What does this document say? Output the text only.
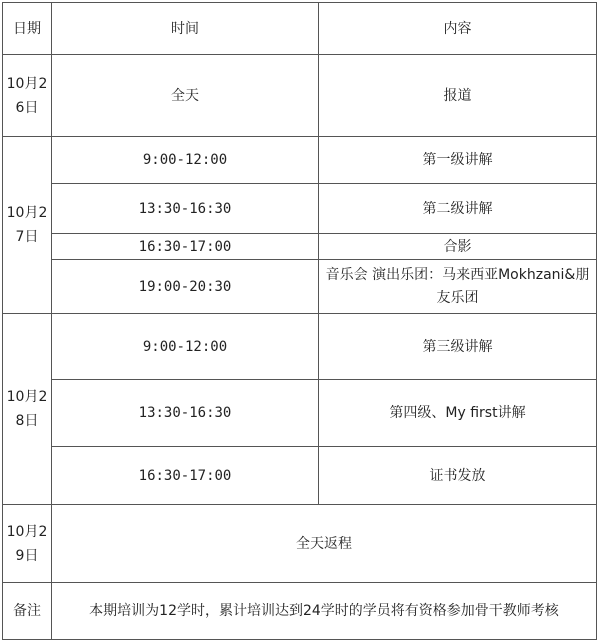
日期	时间	内容
10月26日	全天	报道
10月27日	9:00-12:00	第一级讲解
	13:30-16:30	第二级讲解
	16:30-17:00	合影
	19:00-20:30	音乐会 演出乐团：马来西亚Mokhzani&朋友乐团
10月28日	9:00-12:00	第三级讲解
	13:30-16:30	第四级、My first讲解
	16:30-17:00	证书发放
10月29日	全天返程	
备注	本期培训为12学时，累计培训达到24学时的学员将有资格参加骨干教师考核	
